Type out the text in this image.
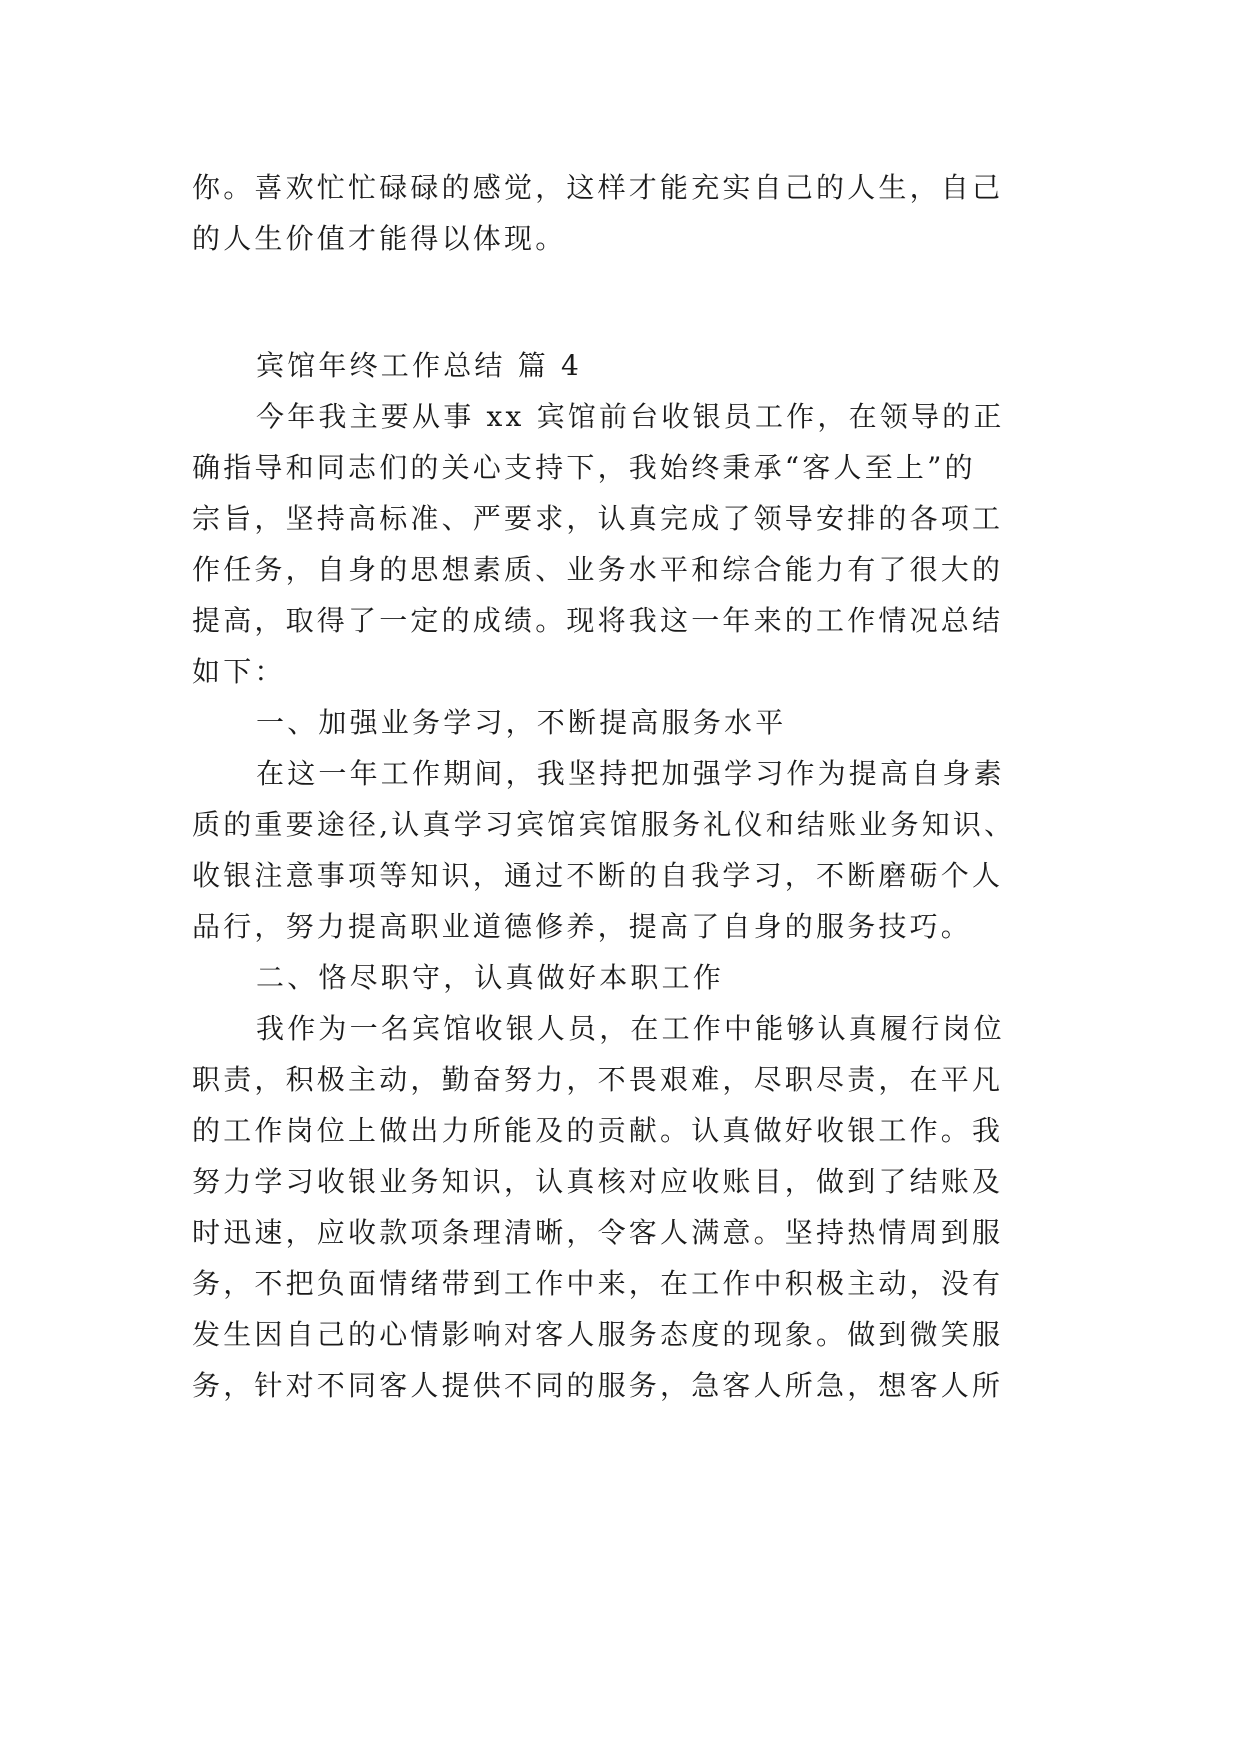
你。喜欢忙忙碌碌的感觉，这样才能充实自己的人生，自己
的人生价值才能得以体现。
宾馆年终工作总结 篇 4
今年我主要从事 xx 宾馆前台收银员工作，在领导的正
确指导和同志们的关心支持下，我始终秉承“客人至上”的
宗旨，坚持高标准、严要求，认真完成了领导安排的各项工
作任务，自身的思想素质、业务水平和综合能力有了很大的
提高，取得了一定的成绩。现将我这一年来的工作情况总结
如下：
一、加强业务学习，不断提高服务水平
在这一年工作期间，我坚持把加强学习作为提高自身素
质的重要途径,认真学习宾馆宾馆服务礼仪和结账业务知识、
收银注意事项等知识，通过不断的自我学习，不断磨砺个人
品行，努力提高职业道德修养，提高了自身的服务技巧。
二、恪尽职守，认真做好本职工作
我作为一名宾馆收银人员，在工作中能够认真履行岗位
职责，积极主动，勤奋努力，不畏艰难，尽职尽责，在平凡
的工作岗位上做出力所能及的贡献。认真做好收银工作。我
努力学习收银业务知识，认真核对应收账目，做到了结账及
时迅速，应收款项条理清晰，令客人满意。坚持热情周到服
务，不把负面情绪带到工作中来，在工作中积极主动，没有
发生因自己的心情影响对客人服务态度的现象。做到微笑服
务，针对不同客人提供不同的服务，急客人所急，想客人所
